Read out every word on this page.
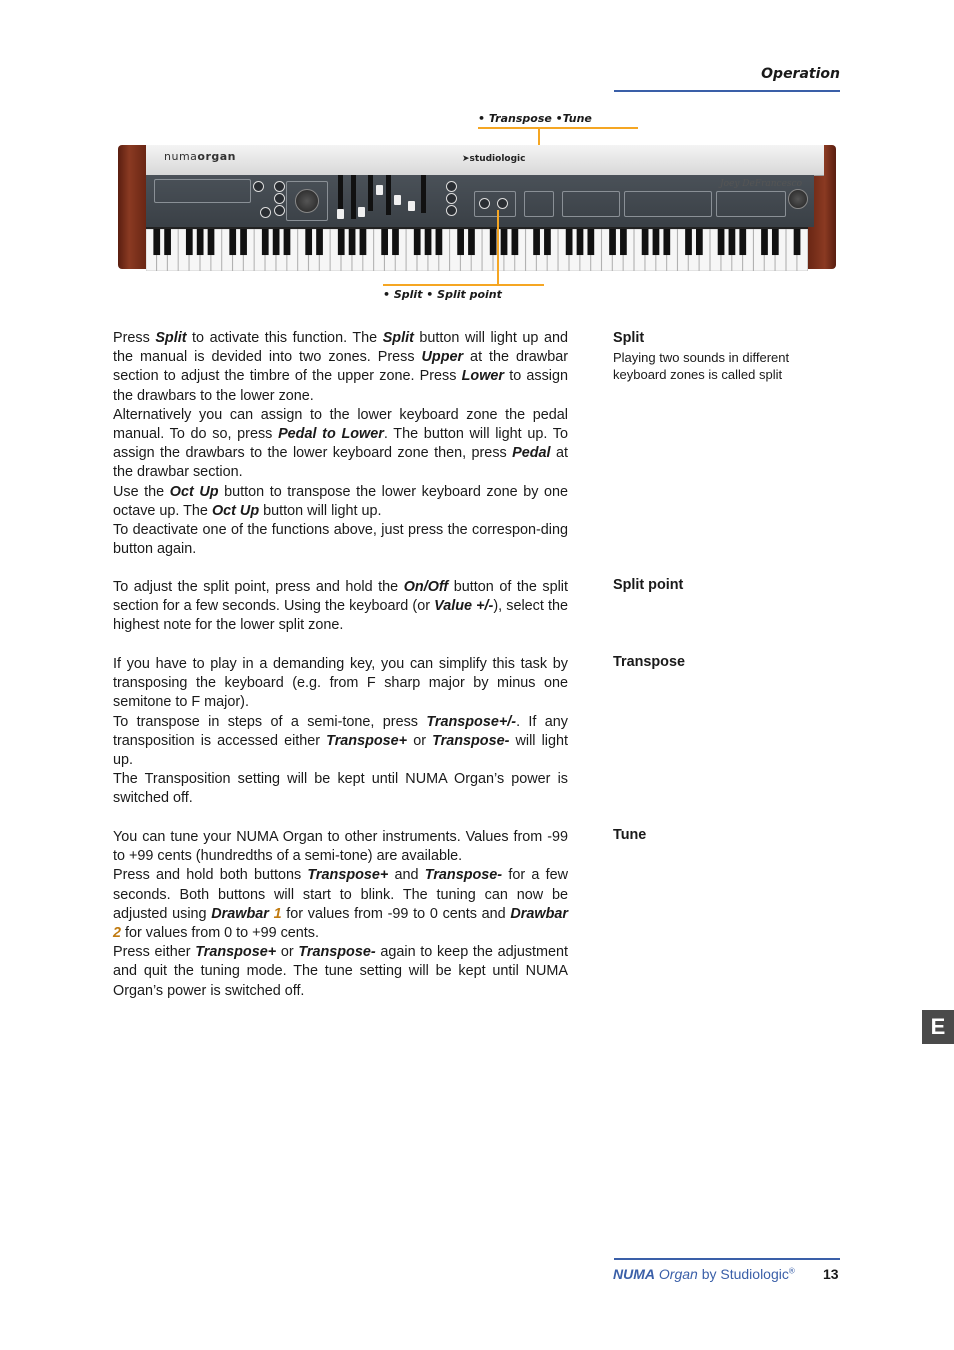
Operation
• Transpose •Tune
numaorgan	➤studiologic
Joey DeFrancesco
• Split • Split point
Split
Playing two sounds in different keyboard zones is called split

Press Split to activate this function. The Split button will light up and the manual is devided into two zones. Press Upper at the drawbar section to adjust the timbre of the upper zone. Press Lower to assign the drawbars to the lower zone.

Alternatively you can assign to the lower keyboard zone the pedal manual. To do so, press Pedal to Lower. The button will light up. To assign the drawbars to the lower keyboard zone then, press Pedal at the drawbar section.

Use the Oct Up button to transpose the lower keyboard zone by one octave up. The Oct Up button will light up.

To deactivate one of the functions above, just press the correspon-ding button again.

Split point

To adjust the split point, press and hold the On/Off button of the split section for a few seconds. Using the keyboard (or Value +/-), select the highest note for the lower split zone.

Transpose

If you have to play in a demanding key, you can simplify this task by transposing the keyboard (e.g. from F sharp major by minus one semitone to F major).

To transpose in steps of a semi-tone, press Transpose+/-. If any transposition is accessed either Transpose+ or Transpose- will light up.

The Transposition setting will be kept until NUMA Organ’s power is switched off.

Tune

You can tune your NUMA Organ to other instruments. Values from -99 to +99 cents (hundredths of a semi-tone) are available.

Press and hold both buttons Transpose+ and Transpose- for a few seconds. Both buttons will start to blink. The tuning can now be adjusted using Drawbar 1 for values from -99 to 0 cents and Drawbar 2 for values from 0 to +99 cents.

Press either Transpose+ or Transpose- again to keep the adjustment and quit the tuning mode. The tune setting will be kept until NUMA Organ’s power is switched off.

E
NUMA Organ by Studiologic® 13
